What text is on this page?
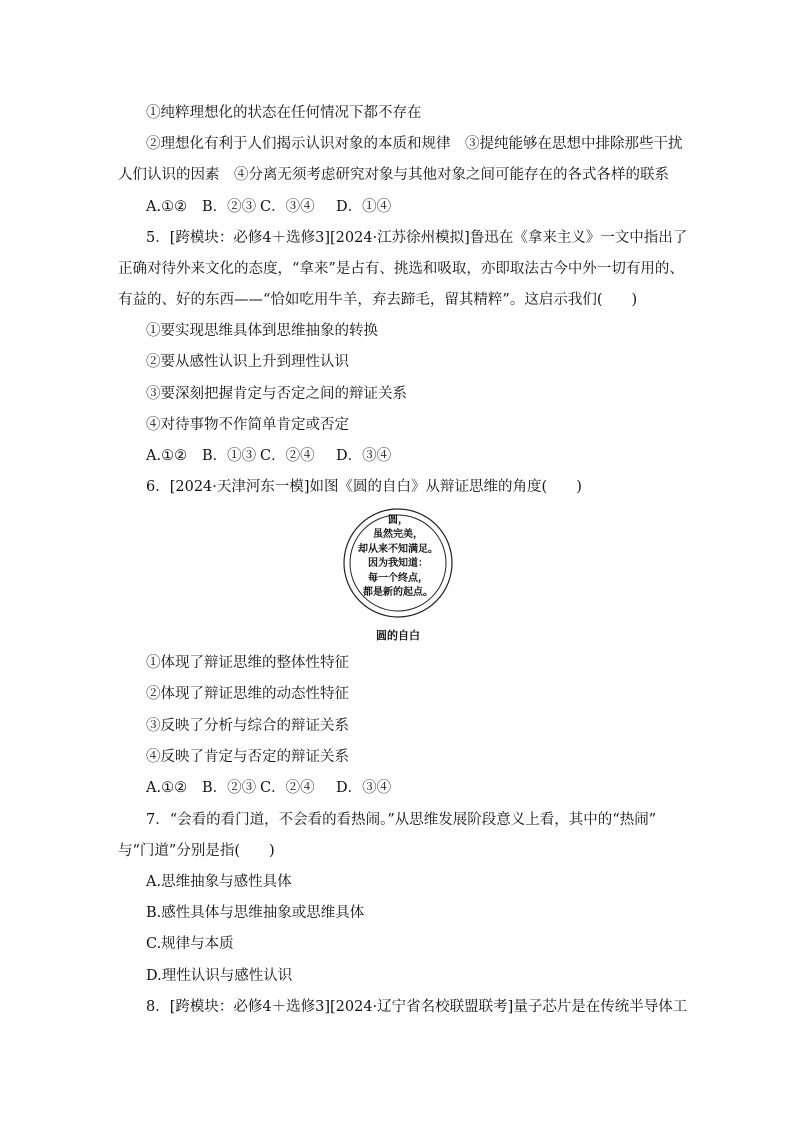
①纯粹理想化的状态在任何情况下都不存在
②理想化有利于人们揭示认识对象的本质和规律　③提纯能够在思想中排除那些干扰
人们认识的因素　④分离无须考虑研究对象与其他对象之间可能存在的各式各样的联系
A.①②	B．②③ C．③④	D．①④
5．[跨模块：必修4＋选修3][2024·江苏徐州模拟]鲁迅在《拿来主义》一文中指出了
正确对待外来文化的态度，“拿来”是占有、挑选和吸取，亦即取法古今中外一切有用的、
有益的、好的东西——“恰如吃用牛羊，弃去蹄毛，留其精粹”。这启示我们(　　)
①要实现思维具体到思维抽象的转换
②要从感性认识上升到理性认识
③要深刻把握肯定与否定之间的辩证关系
④对待事物不作简单肯定或否定
A.①②	B．①③ C．②④	D．③④
6．[2024·天津河东一模]如图《圆的自白》从辩证思维的角度(　　)
圆，
虽然完美，
却从来不知满足。
因为我知道：
每一个终点，
都是新的起点。
圆的自白
①体现了辩证思维的整体性特征
②体现了辩证思维的动态性特征
③反映了分析与综合的辩证关系
④反映了肯定与否定的辩证关系
A.①②	B．②③ C．②④	D．③④
7．“会看的看门道，不会看的看热闹。”从思维发展阶段意义上看，其中的“热闹”
与“门道”分别是指(　　)
A.思维抽象与感性具体
B.感性具体与思维抽象或思维具体
C.规律与本质
D.理性认识与感性认识
8．[跨模块：必修4＋选修3][2024·辽宁省名校联盟联考]量子芯片是在传统半导体工
